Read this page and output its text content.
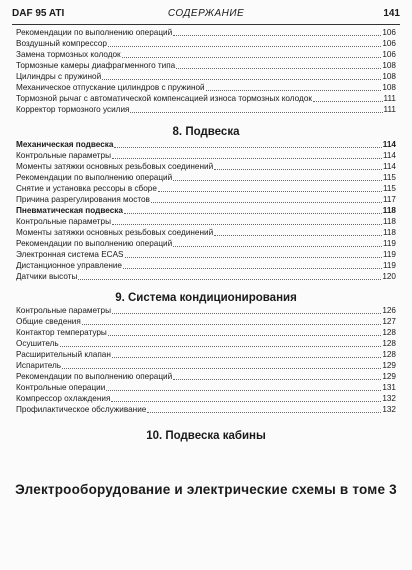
DAF 95 ATI	СОДЕРЖАНИЕ	141
Рекомендации по выполнению операций	106
Воздушный компрессор	106
Замена тормозных колодок	106
Тормозные камеры диафрагменного типа	108
Цилиндры с пружиной	108
Механическое отпускание цилиндров с пружиной	108
Тормозной рычаг с автоматической компенсацией износа тормозных колодок	111
Корректор тормозного усилия	111
8. Подвеска
Механическая подвеска	114
Контрольные параметры	114
Моменты затяжки основных резьбовых соединений	114
Рекомендации по выполнению операций	115
Снятие и установка рессоры в сборе	115
Причина разрегулирования мостов	117
Пневматическая подвеска	118
Контрольные параметры	118
Моменты затяжки основных резьбовых соединений	118
Рекомендации по выполнению операций	119
Электронная система ECAS	119
Дистанционное управление	119
Датчики высоты	120
9. Система кондиционирования
Контрольные параметры	126
Общие сведения	127
Контактор температуры	128
Осушитель	128
Расширительный клапан	128
Испаритель	129
Рекомендации по выполнению операций	129
Контрольные операции	131
Компрессор охлаждения	132
Профилактическое обслуживание	132
10. Подвеска кабины
Электрооборудование и электрические схемы в томе 3
